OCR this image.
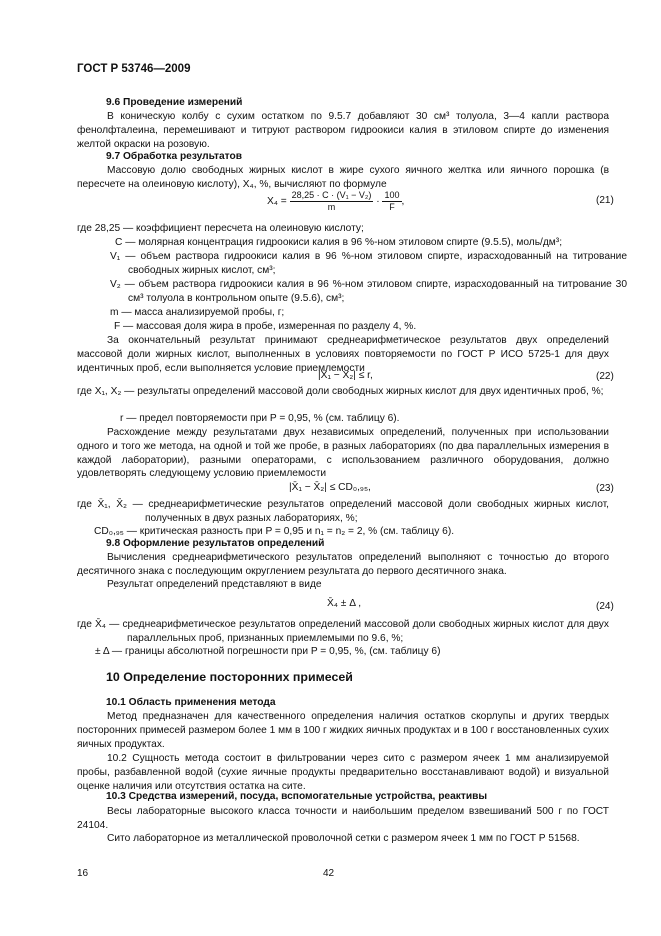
ГОСТ Р 53746—2009

9.6 Проведение измерений

В коническую колбу с сухим остатком по 9.5.7 добавляют 30 см³ толуола, 3—4 капли раствора фенолфталеина, перемешивают и титруют раствором гидроокиси калия в этиловом спирте до изменения желтой окраски на розовую.

9.7 Обработка результатов

Массовую долю свободных жирных кислот в жире сухого яичного желтка или яичного порошка (в пересчете на олеиновую кислоту), X₄, %, вычисляют по формуле

$X_4 = \frac{\text{28,25 · C · (V₁ − V₂)}}{m} \cdot \frac{100}{F}$ ,	(21)

где 28,25 — коэффициент пересчета на олеиновую кислоту;

C — молярная концентрация гидроокиси калия в 96 %-ном этиловом спирте (9.5.5), моль/дм³;

V₁ — объем раствора гидроокиси калия в 96 %-ном этиловом спирте, израсходованный на титрование свободных жирных кислот, см³;

V₂ — объем раствора гидроокиси калия в 96 %-ном этиловом спирте, израсходованный на титрование 30 см³ толуола в контрольном опыте (9.5.6), см³;

m — масса анализируемой пробы, г;

F — массовая доля жира в пробе, измеренная по разделу 4, %.

За окончательный результат принимают среднеарифметическое результатов двух определений массовой доли жирных кислот, выполненных в условиях повторяемости по ГОСТ Р ИСО 5725-1 для двух идентичных проб, если выполняется условие приемлемости

|X₁ − X₂| ≤ r,	(22)

где X₁, X₂ — результаты определений массовой доли свободных жирных кислот для двух идентичных проб, %;

r — предел повторяемости при P = 0,95, % (см. таблицу 6).

Расхождение между результатами двух независимых определений, полученных при использовании одного и того же метода, на одной и той же пробе, в разных лабораториях (по два параллельных измерения в каждой лаборатории), разными операторами, с использованием различного оборудования, должно удовлетворять следующему условию приемлемости

|X̄₁ − X̄₂| ≤ CD₀,₉₅,	(23)

где X̄₁, X̄₂ — среднеарифметические результатов определений массовой доли свободных жирных кислот, полученных в двух разных лабораториях, %;

CD₀,₉₅ — критическая разность при P = 0,95 и n₁ = n₂ = 2, % (см. таблицу 6).

9.8 Оформление результатов определений

Вычисления среднеарифметического результатов определений выполняют с точностью до второго десятичного знака с последующим округлением результата до первого десятичного знака.

Результат определений представляют в виде

X̄₄ ± Δ ,	(24)

где X̄₄ — среднеарифметическое результатов определений массовой доли свободных жирных кислот для двух параллельных проб, признанных приемлемыми по 9.6, %;

± Δ — границы абсолютной погрешности при P = 0,95, %, (см. таблицу 6)

10 Определение посторонних примесей

10.1 Область применения метода

Метод предназначен для качественного определения наличия остатков скорлупы и других твердых посторонних примесей размером более 1 мм в 100 г жидких яичных продуктах и в 100 г восстановленных сухих яичных продуктах.

10.2 Сущность метода состоит в фильтровании через сито с размером ячеек 1 мм анализируемой пробы, разбавленной водой (сухие яичные продукты предварительно восстанавливают водой) и визуальной оценке наличия или отсутствия остатка на сите.

10.3 Средства измерений, посуда, вспомогательные устройства, реактивы

Весы лабораторные высокого класса точности и наибольшим пределом взвешиваний 500 г по ГОСТ 24104.

Сито лабораторное из металлической проволочной сетки с размером ячеек 1 мм по ГОСТ Р 51568.

16	42
